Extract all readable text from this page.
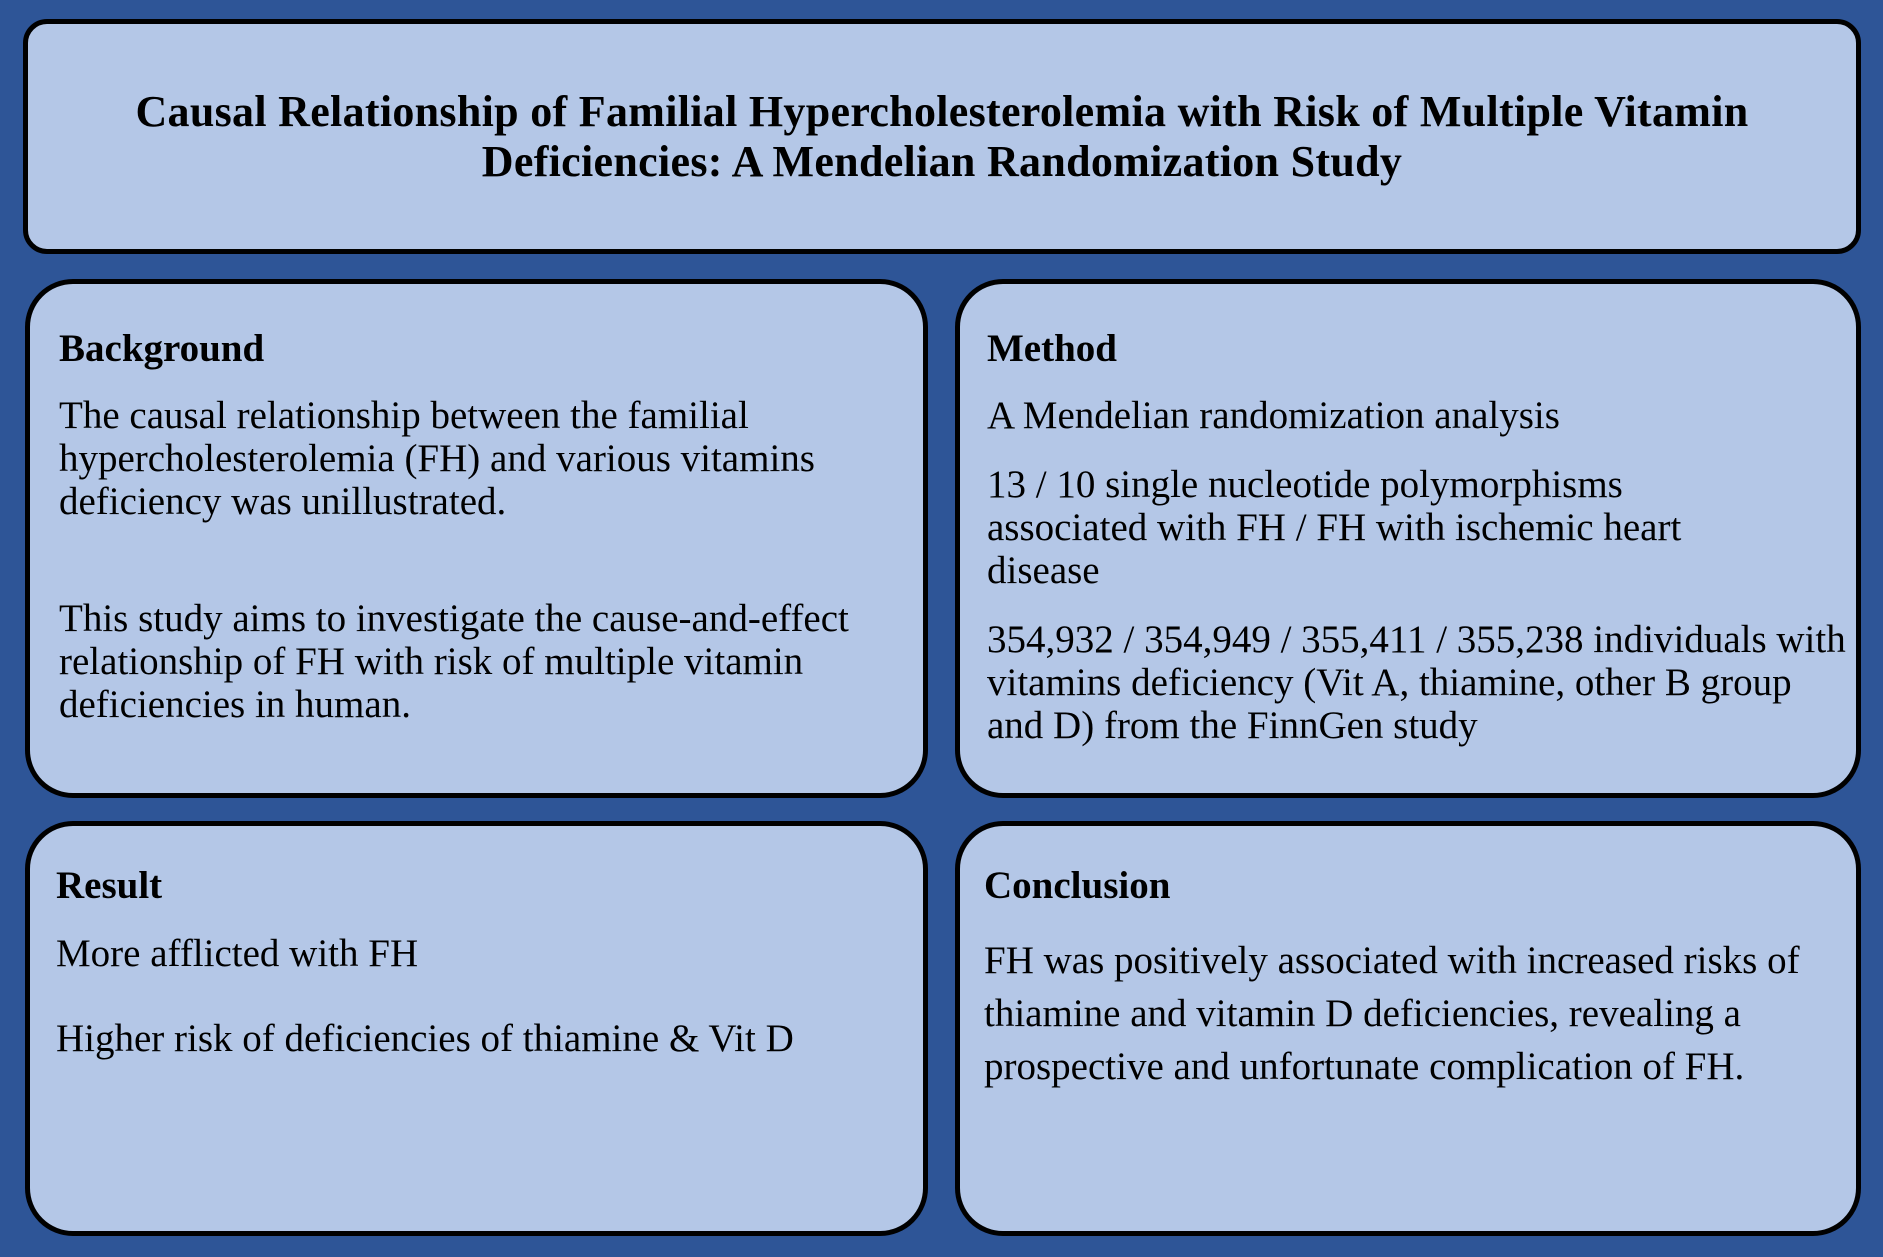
Causal Relationship of Familial Hypercholesterolemia with Risk of Multiple Vitamin Deficiencies: A Mendelian Randomization Study

Background

The causal relationship between the familial hypercholesterolemia (FH) and various vitamins deficiency was unillustrated.

This study aims to investigate the cause-and-effect relationship of FH with risk of multiple vitamin deficiencies in human.

Method

A Mendelian randomization analysis

13 / 10 single nucleotide polymorphisms associated with FH / FH with ischemic heart disease

354,932 / 354,949 / 355,411 / 355,238 individuals with vitamins deficiency (Vit A, thiamine, other B group and D) from the FinnGen study

Result

More afflicted with FH

Higher risk of deficiencies of thiamine & Vit D

Conclusion

FH was positively associated with increased risks of thiamine and vitamin D deficiencies, revealing a prospective and unfortunate complication of FH.
